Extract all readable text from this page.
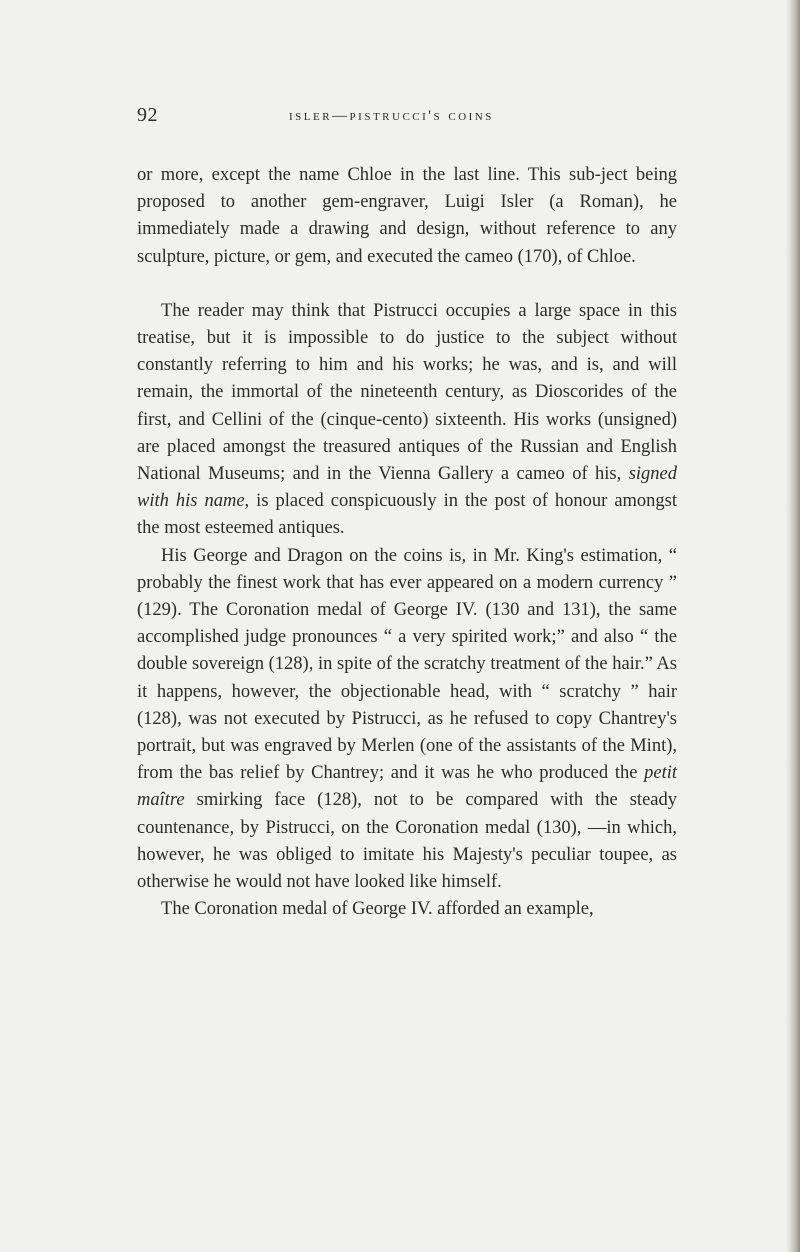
92	isler—pistrucci's coins

or more, except the name Chloe in the last line. This sub-ject being proposed to another gem-engraver, Luigi Isler (a Roman), he immediately made a drawing and design, without reference to any sculpture, picture, or gem, and executed the cameo (170), of Chloe.

The reader may think that Pistrucci occupies a large space in this treatise, but it is impossible to do justice to the subject without constantly referring to him and his works; he was, and is, and will remain, the immortal of the nineteenth century, as Dioscorides of the first, and Cellini of the (cinque-cento) sixteenth. His works (unsigned) are placed amongst the treasured antiques of the Russian and English National Museums; and in the Vienna Gallery a cameo of his, signed with his name, is placed conspicuously in the post of honour amongst the most esteemed antiques.

His George and Dragon on the coins is, in Mr. King's estimation, “ probably the finest work that has ever appeared on a modern currency ” (129). The Coronation medal of George IV. (130 and 131), the same accomplished judge pronounces “ a very spirited work;” and also “ the double sovereign (128), in spite of the scratchy treatment of the hair.” As it happens, however, the objectionable head, with “ scratchy ” hair (128), was not executed by Pistrucci, as he refused to copy Chantrey's portrait, but was engraved by Merlen (one of the assistants of the Mint), from the bas relief by Chantrey; and it was he who produced the petit maître smirking face (128), not to be compared with the steady countenance, by Pistrucci, on the Coronation medal (130), —in which, however, he was obliged to imitate his Majesty's peculiar toupee, as otherwise he would not have looked like himself.

The Coronation medal of George IV. afforded an example,
